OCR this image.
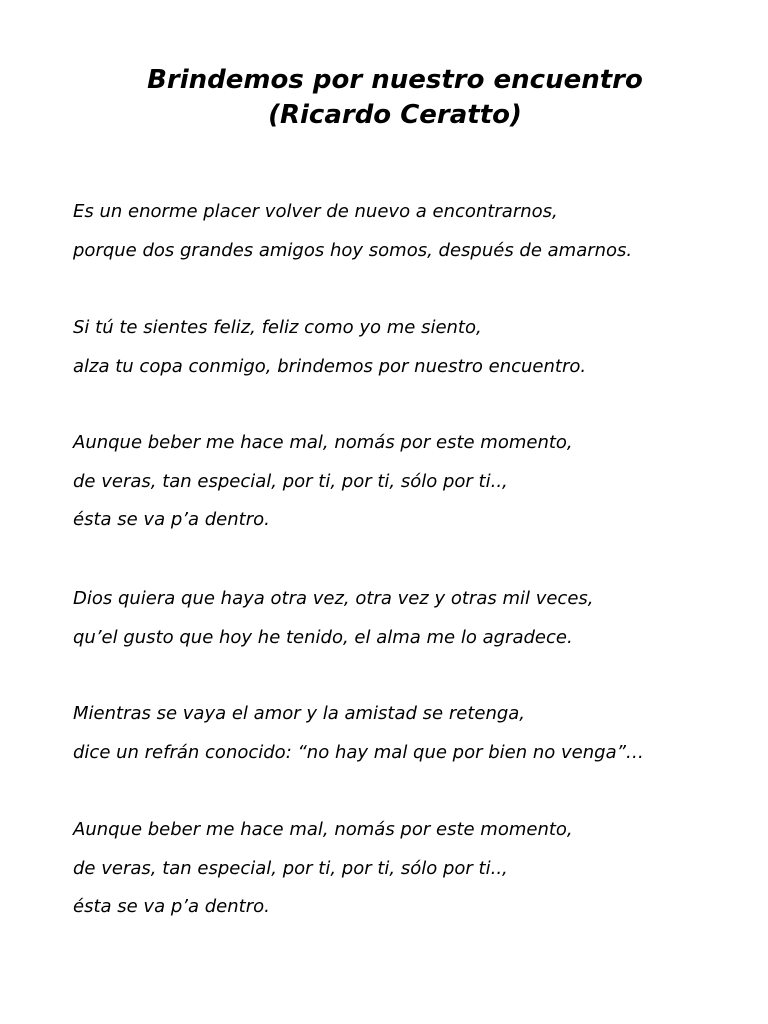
Brindemos por nuestro encuentro
(Ricardo Ceratto)
Es un enorme placer volver de nuevo a encontrarnos,
porque dos grandes amigos hoy somos, después de amarnos.
Si tú te sientes feliz, feliz como yo me siento,
alza tu copa conmigo, brindemos por nuestro encuentro.
Aunque beber me hace mal, nomás por este momento,
de veras, tan especial, por ti, por ti, sólo por ti..,
ésta se va p’a dentro.
Dios quiera que haya otra vez, otra vez y otras mil veces,
qu’el gusto que hoy he tenido, el alma me lo agradece.
Mientras se vaya el amor y la amistad se retenga,
dice un refrán conocido: “no hay mal que por bien no venga”…
Aunque beber me hace mal, nomás por este momento,
de veras, tan especial, por ti, por ti, sólo por ti..,
ésta se va p’a dentro.
